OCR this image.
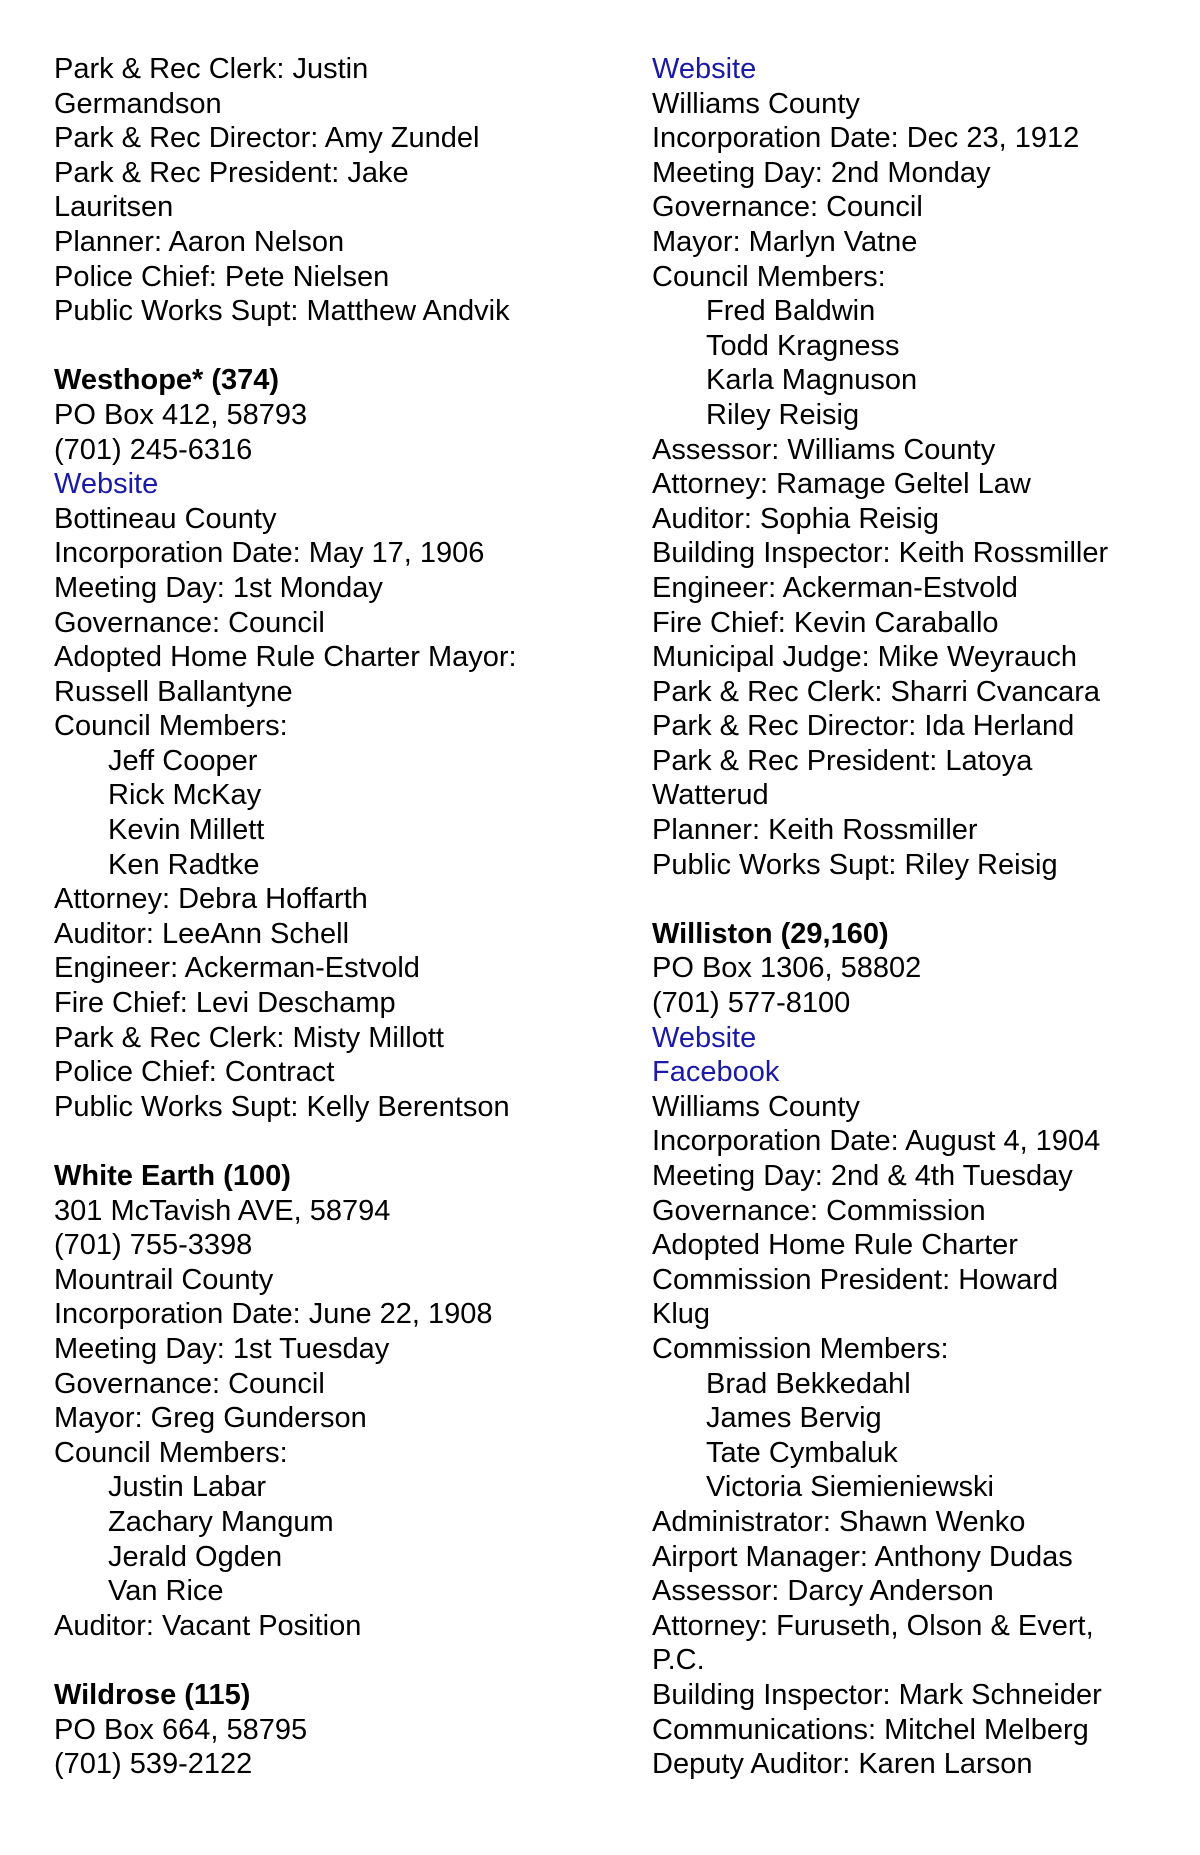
Park & Rec Clerk: Justin
Germandson
Park & Rec Director: Amy Zundel
Park & Rec President: Jake
Lauritsen
Planner: Aaron Nelson
Police Chief: Pete Nielsen
Public Works Supt: Matthew Andvik
Westhope* (374)
PO Box 412, 58793
(701) 245-6316
Website
Bottineau County
Incorporation Date: May 17, 1906
Meeting Day: 1st Monday
Governance: Council
Adopted Home Rule Charter Mayor:
Russell Ballantyne
Council Members:
Jeff Cooper
Rick McKay
Kevin Millett
Ken Radtke
Attorney: Debra Hoffarth
Auditor: LeeAnn Schell
Engineer: Ackerman-Estvold
Fire Chief: Levi Deschamp
Park & Rec Clerk: Misty Millott
Police Chief: Contract
Public Works Supt: Kelly Berentson
White Earth (100)
301 McTavish AVE, 58794
(701) 755-3398
Mountrail County
Incorporation Date: June 22, 1908
Meeting Day: 1st Tuesday
Governance: Council
Mayor: Greg Gunderson
Council Members:
Justin Labar
Zachary Mangum
Jerald Ogden
Van Rice
Auditor: Vacant Position
Wildrose (115)
PO Box 664, 58795
(701) 539-2122
Website
Williams County
Incorporation Date: Dec 23, 1912
Meeting Day: 2nd Monday
Governance: Council
Mayor: Marlyn Vatne
Council Members:
Fred Baldwin
Todd Kragness
Karla Magnuson
Riley Reisig
Assessor: Williams County
Attorney: Ramage Geltel Law
Auditor: Sophia Reisig
Building Inspector: Keith Rossmiller
Engineer: Ackerman-Estvold
Fire Chief: Kevin Caraballo
Municipal Judge: Mike Weyrauch
Park & Rec Clerk: Sharri Cvancara
Park & Rec Director: Ida Herland
Park & Rec President: Latoya
Watterud
Planner: Keith Rossmiller
Public Works Supt: Riley Reisig
Williston (29,160)
PO Box 1306, 58802
(701) 577-8100
Website
Facebook
Williams County
Incorporation Date: August 4, 1904
Meeting Day: 2nd & 4th Tuesday
Governance: Commission
Adopted Home Rule Charter
Commission President: Howard
Klug
Commission Members:
Brad Bekkedahl
James Bervig
Tate Cymbaluk
Victoria Siemieniewski
Administrator: Shawn Wenko
Airport Manager: Anthony Dudas
Assessor: Darcy Anderson
Attorney: Furuseth, Olson & Evert,
P.C.
Building Inspector: Mark Schneider
Communications: Mitchel Melberg
Deputy Auditor: Karen Larson
